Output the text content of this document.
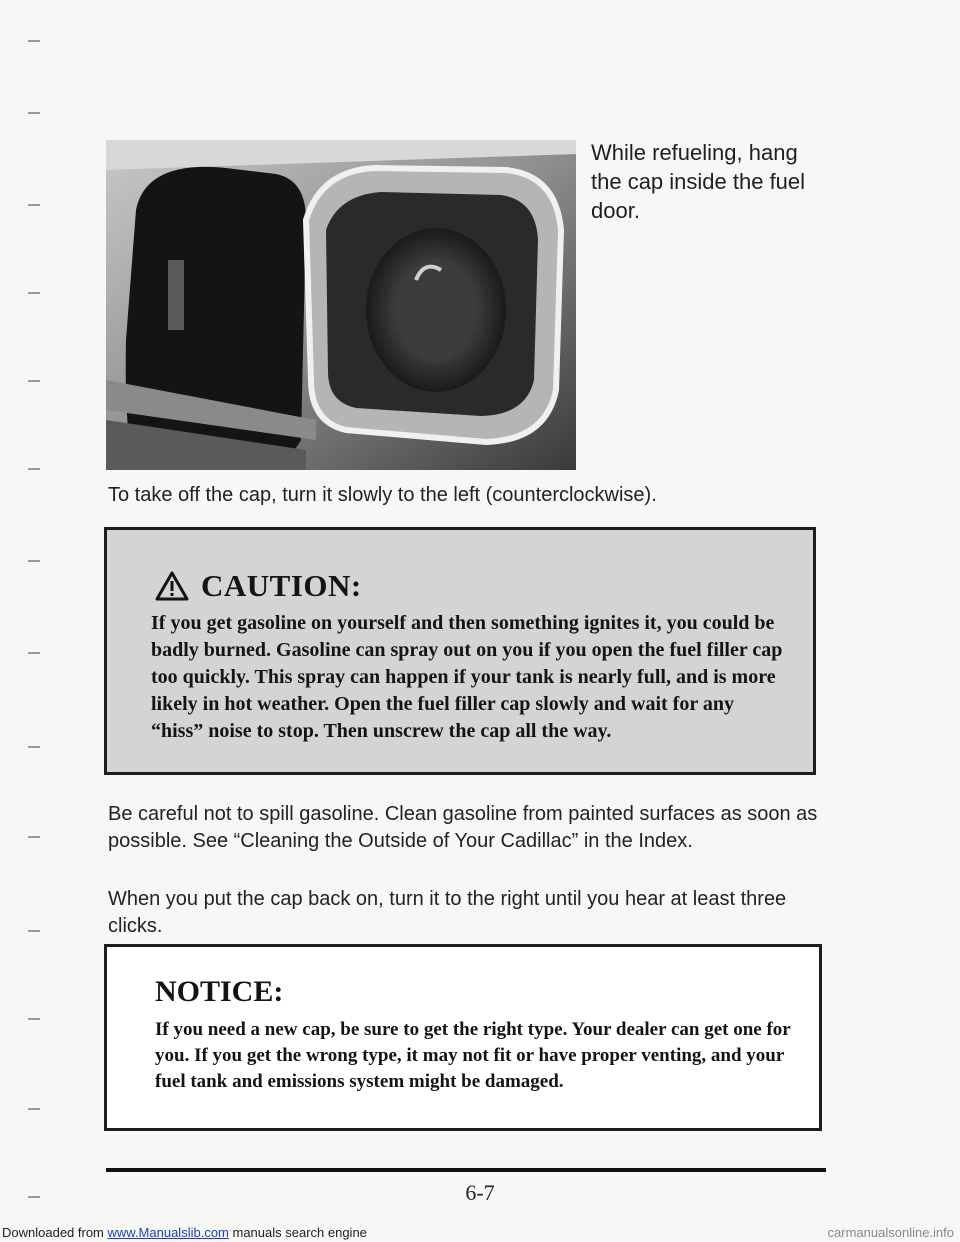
While refueling, hang the cap inside the fuel door.
To take off the cap, turn it slowly to the left (counterclockwise).
CAUTION:
If you get gasoline on yourself and then something ignites it, you could be badly burned. Gasoline can spray out on you if you open the fuel filler cap too quickly. This spray can happen if your tank is nearly full, and is more likely in hot weather. Open the fuel filler cap slowly and wait for any “hiss” noise to stop. Then unscrew the cap all the way.
Be careful not to spill gasoline. Clean gasoline from painted surfaces as soon as possible. See “Cleaning the Outside of Your Cadillac” in the Index.
When you put the cap back on, turn it to the right until you hear at least three clicks.
NOTICE:
If you need a new cap, be sure to get the right type. Your dealer can get one for you. If you get the wrong type, it may not fit or have proper venting, and your fuel tank and emissions system might be damaged.
6-7
Downloaded from www.Manualslib.com manuals search engine	carmanualsonline.info
